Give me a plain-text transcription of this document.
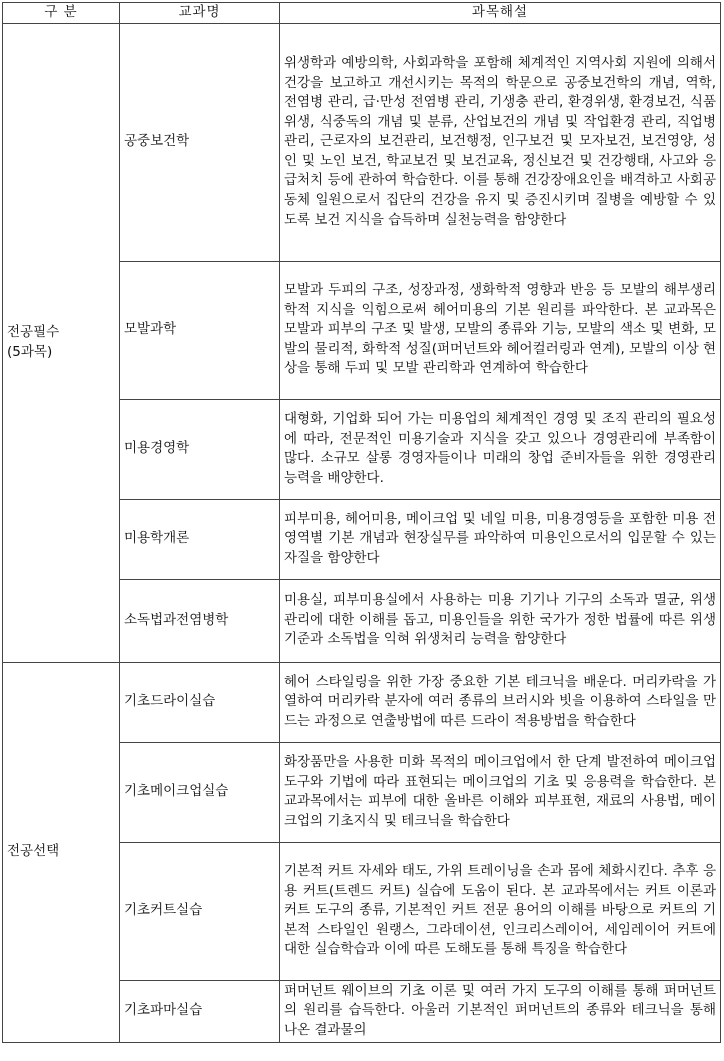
구 분	교과명	과목해설

전공필수
(5과목)	공중보건학	위생학과 예방의학, 사회과학을 포함해 체계적인 지역사회 지원에 의해서 건강을 보고하고 개선시키는 목적의 학문으로 공중보건학의 개념, 역학, 전염병 관리, 급·만성 전염병 관리, 기생충 관리, 환경위생, 환경보건, 식품위생, 식중독의 개념 및 분류, 산업보건의 개념 및 작업환경 관리, 직업병 관리, 근로자의 보건관리, 보건행정, 인구보건 및 모자보건, 보건영양, 성인 및 노인 보건, 학교보건 및 보건교육, 정신보건 및 건강행태, 사고와 응급처치 등에 관하여 학습한다. 이를 통해 건강장애요인을 배격하고 사회공동체 일원으로서 집단의 건강을 유지 및 증진시키며 질병을 예방할 수 있도록 보건 지식을 습득하며 실천능력을 함양한다
	모발과학	모발과 두피의 구조, 성장과정, 생화학적 영향과 반응 등 모발의 해부생리학적 지식을 익힘으로써 헤어미용의 기본 원리를 파악한다. 본 교과목은 모발과 피부의 구조 및 발생, 모발의 종류와 기능, 모발의 색소 및 변화, 모발의 물리적, 화학적 성질(퍼머넌트와 헤어컬러링과 연계), 모발의 이상 현상을 통해 두피 및 모발 관리학과 연계하여 학습한다
	미용경영학	대형화, 기업화 되어 가는 미용업의 체계적인 경영 및 조직 관리의 필요성에 따라, 전문적인 미용기술과 지식을 갖고 있으나 경영관리에 부족함이 많다. 소규모 살롱 경영자들이나 미래의 창업 준비자들을 위한 경영관리 능력을 배양한다.
	미용학개론	피부미용, 헤어미용, 메이크업 및 네일 미용, 미용경영등을 포함한 미용 전 영역별 기본 개념과 현장실무를 파악하여 미용인으로서의 입문할 수 있는 자질을 함양한다
	소독법과전염병학	미용실, 피부미용실에서 사용하는 미용 기기나 기구의 소독과 멸균, 위생관리에 대한 이해를 돕고, 미용인들을 위한 국가가 정한 법률에 따른 위생기준과 소독법을 익혀 위생처리 능력을 함양한다

전공선택	기초드라이실습	헤어 스타일링을 위한 가장 중요한 기본 테크닉을 배운다. 머리카락을 가열하여 머리카락 분자에 여러 종류의 브러시와 빗을 이용하여 스타일을 만드는 과정으로 연출방법에 따른 드라이 적용방법을 학습한다
	기초메이크업실습	화장품만을 사용한 미화 목적의 메이크업에서 한 단계 발전하여 메이크업 도구와 기법에 따라 표현되는 메이크업의 기초 및 응용력을 학습한다. 본 교과목에서는 피부에 대한 올바른 이해와 피부표현, 재료의 사용법, 메이크업의 기초지식 및 테크닉을 학습한다
	기초커트실습	기본적 커트 자세와 태도, 가위 트레이닝을 손과 몸에 체화시킨다. 추후 응용 커트(트렌드 커트) 실습에 도움이 된다. 본 교과목에서는 커트 이론과 커트 도구의 종류, 기본적인 커트 전문 용어의 이해를 바탕으로 커트의 기본적 스타일인 원랭스, 그라데이션, 인크리스레이어, 세임레이어 커트에 대한 실습학습과 이에 따른 도해도를 통해 특징을 학습한다
	기초파마실습	퍼머넌트 웨이브의 기초 이론 및 여러 가지 도구의 이해를 통해 퍼머넌트의 원리를 습득한다. 아울러 기본적인 퍼머넌트의 종류와 테크닉을 통해 나온 결과물의
